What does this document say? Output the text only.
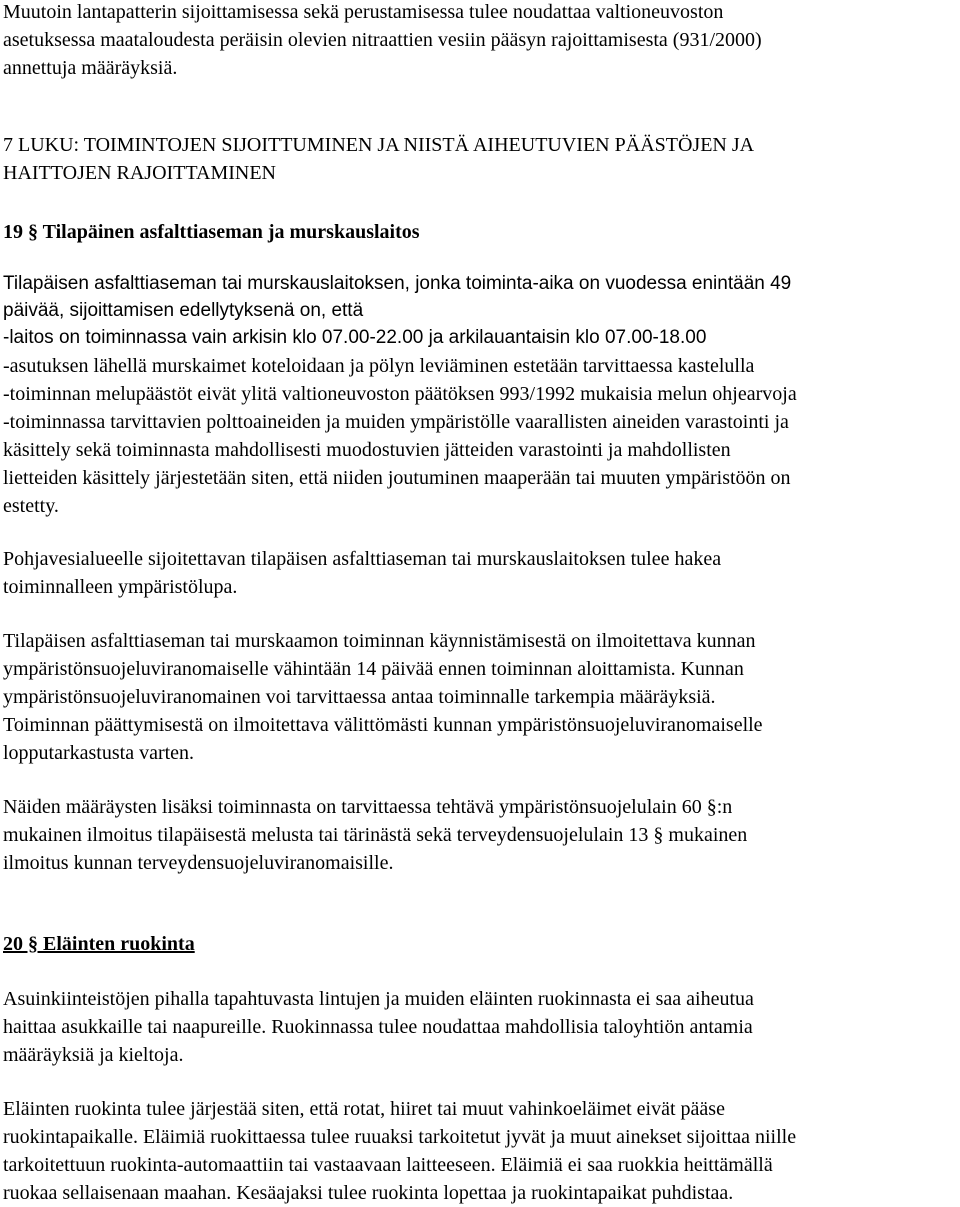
Muutoin lantapatterin sijoittamisessa sekä perustamisessa tulee noudattaa valtioneuvoston
asetuksessa maataloudesta peräisin olevien nitraattien vesiin pääsyn rajoittamisesta (931/2000)
annettuja määräyksiä.
7 LUKU: TOIMINTOJEN SIJOITTUMINEN JA NIISTÄ AIHEUTUVIEN PÄÄSTÖJEN JA
HAITTOJEN RAJOITTAMINEN
19 § Tilapäinen asfalttiaseman ja murskauslaitos
Tilapäisen asfalttiaseman tai murskauslaitoksen, jonka toiminta-aika on vuodessa enintään 49
päivää, sijoittamisen edellytyksenä on, että
-laitos on toiminnassa vain arkisin klo 07.00-22.00 ja arkilauantaisin klo 07.00-18.00
-asutuksen lähellä murskaimet koteloidaan ja pölyn leviäminen estetään tarvittaessa kastelulla
-toiminnan melupäästöt eivät ylitä valtioneuvoston päätöksen 993/1992 mukaisia melun ohjearvoja
-toiminnassa tarvittavien polttoaineiden ja muiden ympäristölle vaarallisten aineiden varastointi ja
käsittely sekä toiminnasta mahdollisesti muodostuvien jätteiden varastointi ja mahdollisten
lietteiden käsittely järjestetään siten, että niiden joutuminen maaperään tai muuten ympäristöön on
estetty.
Pohjavesialueelle sijoitettavan tilapäisen asfalttiaseman tai murskauslaitoksen tulee hakea
toiminnalleen ympäristölupa.
Tilapäisen asfalttiaseman tai murskaamon toiminnan käynnistämisestä on ilmoitettava kunnan
ympäristönsuojeluviranomaiselle vähintään 14 päivää ennen toiminnan aloittamista. Kunnan
ympäristönsuojeluviranomainen voi tarvittaessa antaa toiminnalle tarkempia määräyksiä.
Toiminnan päättymisestä on ilmoitettava välittömästi kunnan ympäristönsuojeluviranomaiselle
lopputarkastusta varten.
Näiden määräysten lisäksi toiminnasta on tarvittaessa tehtävä ympäristönsuojelulain 60 §:n
mukainen ilmoitus tilapäisestä melusta tai tärinästä sekä terveydensuojelulain 13 § mukainen
ilmoitus kunnan terveydensuojeluviranomaisille.
20 § Eläinten ruokinta
Asuinkiinteistöjen pihalla tapahtuvasta lintujen ja muiden eläinten ruokinnasta ei saa aiheutua
haittaa asukkaille tai naapureille. Ruokinnassa tulee noudattaa mahdollisia taloyhtiön antamia
määräyksiä ja kieltoja.
Eläinten ruokinta tulee järjestää siten, että rotat, hiiret tai muut vahinkoeläimet eivät pääse
ruokintapaikalle. Eläimiä ruokittaessa tulee ruuaksi tarkoitetut jyvät ja muut ainekset sijoittaa niille
tarkoitettuun ruokinta-automaattiin tai vastaavaan laitteeseen. Eläimiä ei saa ruokkia heittämällä
ruokaa sellaisenaan maahan. Kesäajaksi tulee ruokinta lopettaa ja ruokintapaikat puhdistaa.
